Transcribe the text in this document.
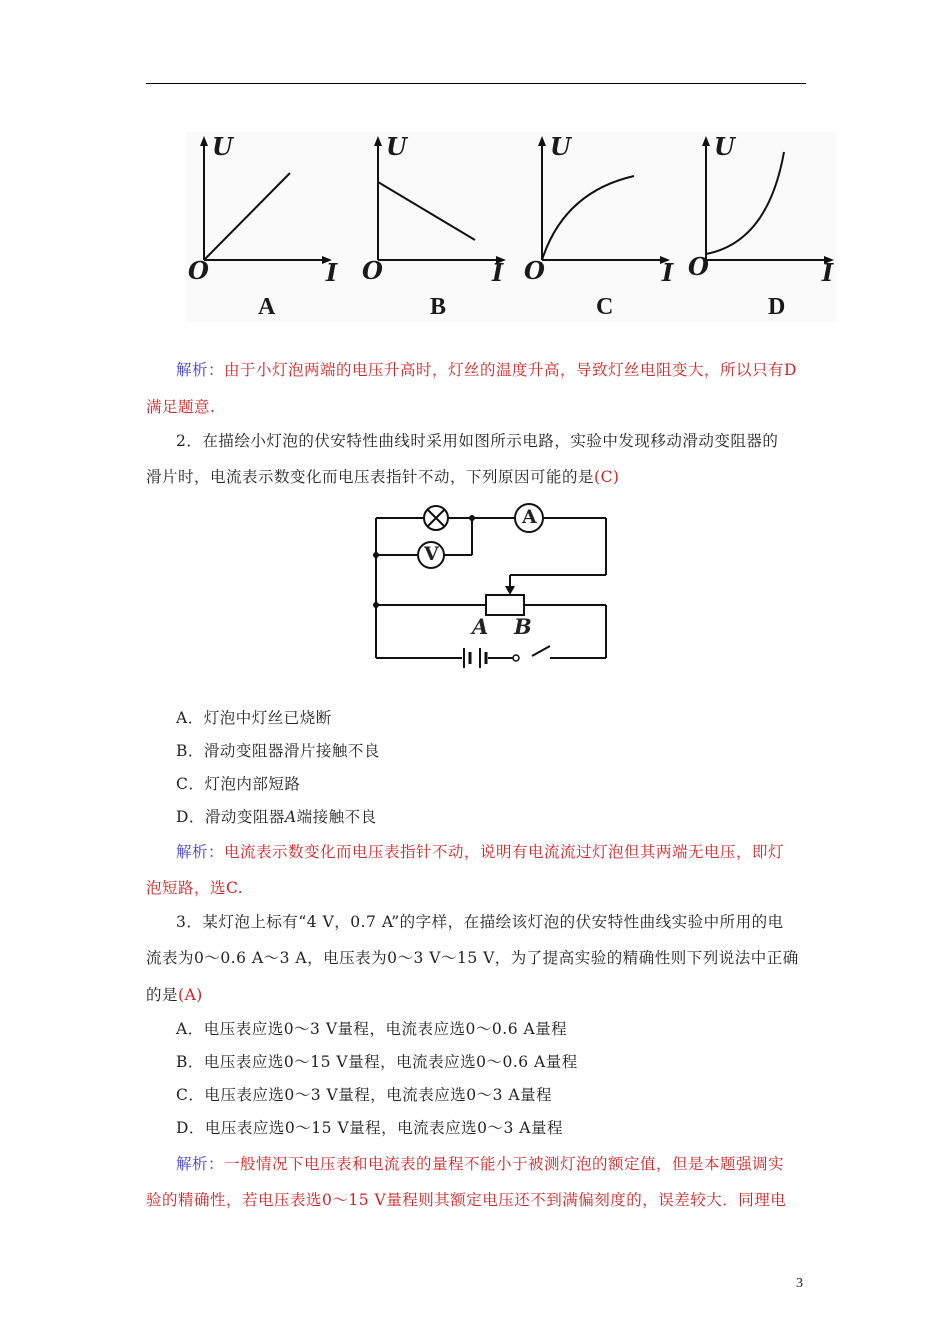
U
O	I
A
U
O	I
B
U
O	I
C
U
O	I
D
解析：由于小灯泡两端的电压升高时，灯丝的温度升高，导致灯丝电阻变大，所以只有D
满足题意.
2．在描绘小灯泡的伏安特性曲线时采用如图所示电路，实验中发现移动滑动变阻器的
滑片时，电流表示数变化而电压表指针不动，下列原因可能的是(C)
A
V
A B
A．灯泡中灯丝已烧断
B．滑动变阻器滑片接触不良
C．灯泡内部短路
D．滑动变阻器A端接触不良
解析：电流表示数变化而电压表指针不动，说明有电流流过灯泡但其两端无电压，即灯
泡短路，选C.
3．某灯泡上标有“4 V，0.7 A”的字样，在描绘该灯泡的伏安特性曲线实验中所用的电
流表为0～0.6 A～3 A，电压表为0～3 V～15 V，为了提高实验的精确性则下列说法中正确
的是(A)
A．电压表应选0～3 V量程，电流表应选0～0.6 A量程
B．电压表应选0～15 V量程，电流表应选0～0.6 A量程
C．电压表应选0～3 V量程，电流表应选0～3 A量程
D．电压表应选0～15 V量程，电流表应选0～3 A量程
解析：一般情况下电压表和电流表的量程不能小于被测灯泡的额定值，但是本题强调实
验的精确性，若电压表选0～15 V量程则其额定电压还不到满偏刻度的，误差较大．同理电
3
